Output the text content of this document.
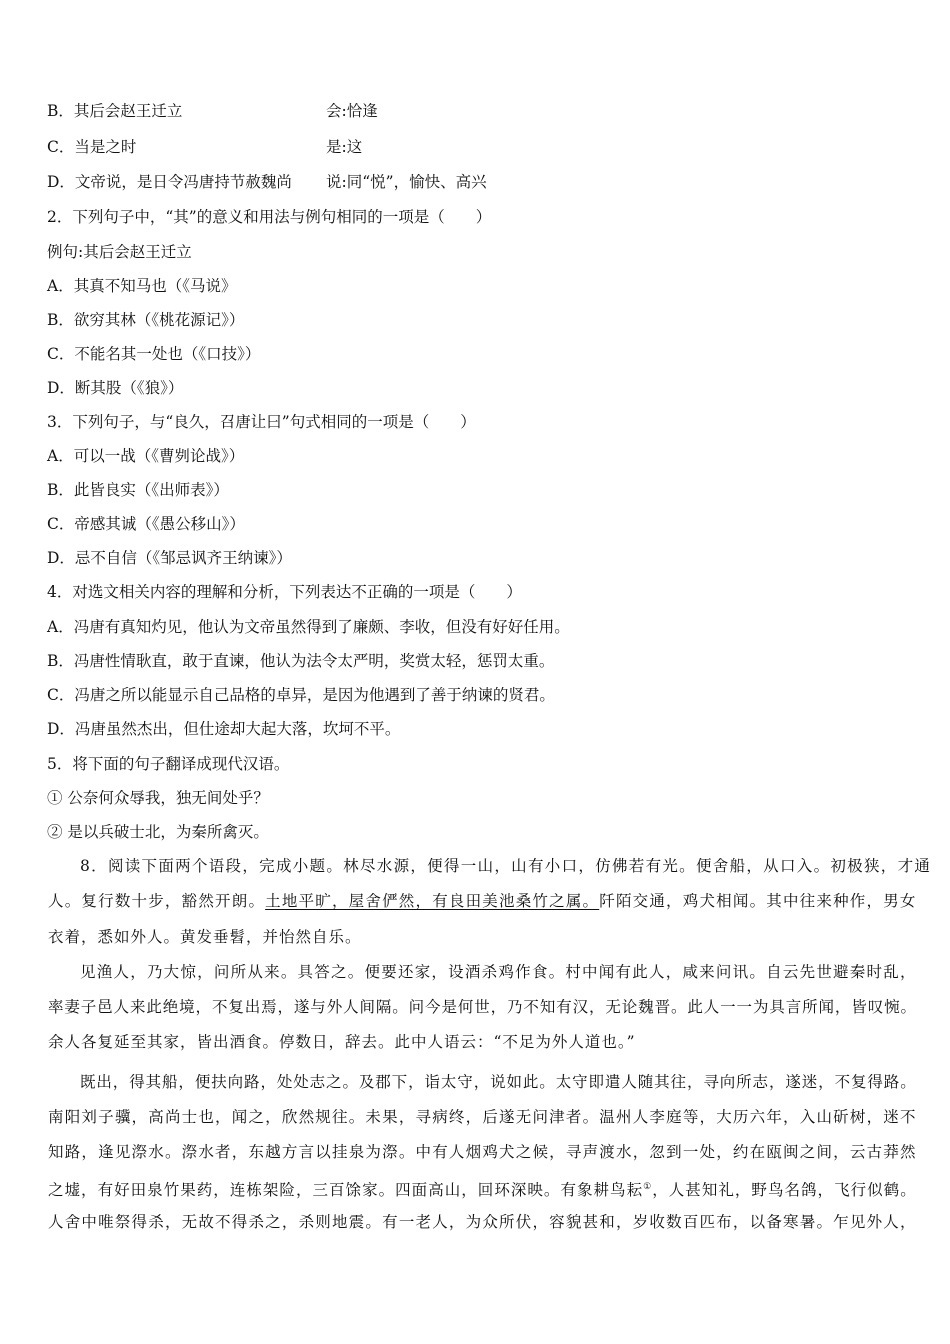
B．其后会赵王迁立	会:恰逢
C．当是之时	是:这
D．文帝说，是日令冯唐持节赦魏尚 说:同“悦”，愉快、高兴
2．下列句子中，“其”的意义和用法与例句相同的一项是（　　）
例句:其后会赵王迁立
A．其真不知马也（《马说》
B．欲穷其林（《桃花源记》）
C．不能名其一处也（《口技》）
D．断其股（《狼》）
3．下列句子，与“良久，召唐让曰”句式相同的一项是（　　）
A．可以一战（《曹刿论战》）
B．此皆良实（《出师表》）
C．帝感其诚（《愚公移山》）
D．忌不自信（《邹忌讽齐王纳谏》）
4．对选文相关内容的理解和分析，下列表达不正确的一项是（　　）
A．冯唐有真知灼见，他认为文帝虽然得到了廉颇、李收，但没有好好任用。
B．冯唐性情耿直，敢于直谏，他认为法令太严明，奖赏太轻，惩罚太重。
C．冯唐之所以能显示自己品格的卓异，是因为他遇到了善于纳谏的贤君。
D．冯唐虽然杰出，但仕途却大起大落，坎坷不平。
5．将下面的句子翻译成现代汉语。
① 公奈何众辱我，独无间处乎？
② 是以兵破士北，为秦所禽灭。
8．阅读下面两个语段，完成小题。林尽水源，便得一山，山有小口，仿佛若有光。便舍船，从口入。初极狭，才通
人。复行数十步，豁然开朗。土地平旷，屋舍俨然，有良田美池桑竹之属。阡陌交通，鸡犬相闻。其中往来种作，男女
衣着，悉如外人。黄发垂髫，并怡然自乐。
见渔人，乃大惊，问所从来。具答之。便要还家，设酒杀鸡作食。村中闻有此人，咸来问讯。自云先世避秦时乱，
率妻子邑人来此绝境，不复出焉，遂与外人间隔。问今是何世，乃不知有汉，无论魏晋。此人一一为具言所闻，皆叹惋。
余人各复延至其家，皆出酒食。停数日，辞去。此中人语云：“不足为外人道也。”
既出，得其船，便扶向路，处处志之。及郡下，诣太守，说如此。太守即遣人随其往，寻向所志，遂迷，不复得路。
南阳刘子骥，高尚士也，闻之，欣然规往。未果，寻病终，后遂无问津者。温州人李庭等，大历六年，入山斫树，迷不
知路，逢见漈水。漈水者，东越方言以挂泉为漈。中有人烟鸡犬之候，寻声渡水，忽到一处，约在瓯闽之间，云古莽然
之墟，有好田泉竹果药，连栋架险，三百馀家。四面高山，回环深映。有象耕鸟耘①，人甚知礼，野鸟名鸽，飞行似鹤。
人舍中唯祭得杀，无故不得杀之，杀则地震。有一老人，为众所伏，容貌甚和，岁收数百匹布，以备寒暑。乍见外人，
